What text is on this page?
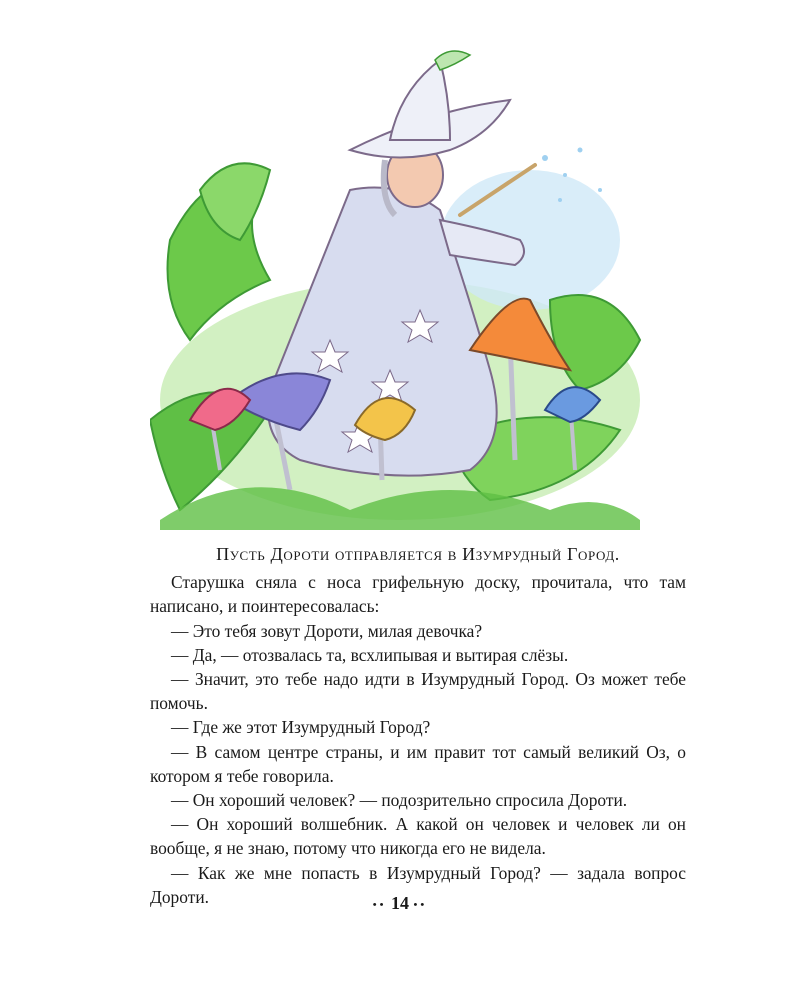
Пусть Дороти отправляется в Изумрудный Город.

Старушка сняла с носа грифельную доску, прочитала, что там написано, и поинтересовалась:

— Это тебя зовут Дороти, милая девочка?

— Да, — отозвалась та, всхлипывая и вытирая слёзы.

— Значит, это тебе надо идти в Изумрудный Город. Оз может тебе помочь.

— Где же этот Изумрудный Город?

— В самом центре страны, и им правит тот самый великий Оз, о котором я тебе говорила.

— Он хороший человек? — подозрительно спросила Дороти.

— Он хороший волшебник. А какой он человек и человек ли он вообще, я не знаю, потому что никогда его не видела.

— Как же мне попасть в Изумрудный Город? — задала вопрос Дороти.	•• 14 ••
